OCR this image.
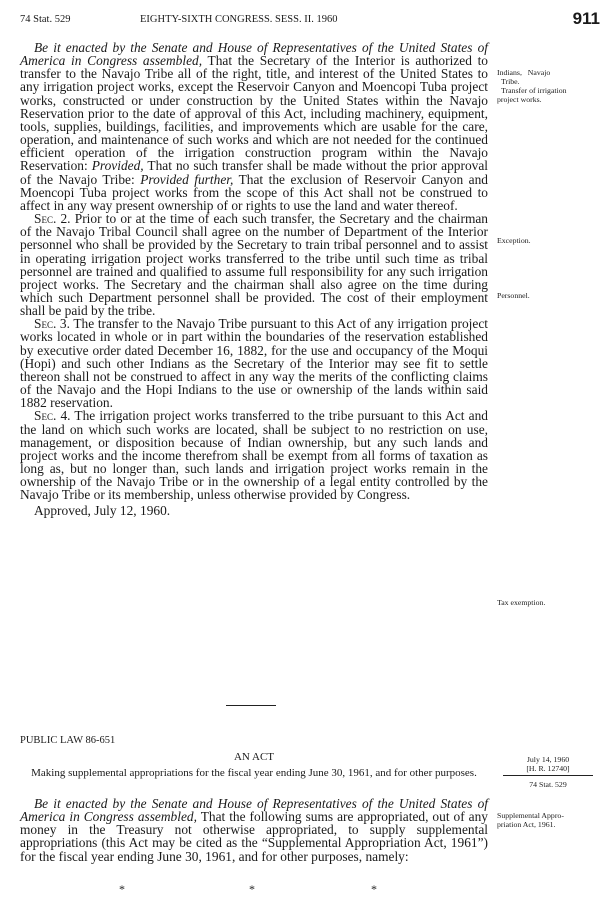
74 Stat. 529	EIGHTY-SIXTH CONGRESS. SESS. II. 1960	911

Be it enacted by the Senate and House of Representatives of the United States of America in Congress assembled, That the Secretary of the Interior is authorized to transfer to the Navajo Tribe all of the right, title, and interest of the United States to any irrigation project works, except the Reservoir Canyon and Moencopi Tuba project works, constructed or under construction by the United States within the Navajo Reservation prior to the date of approval of this Act, including machinery, equipment, tools, supplies, buildings, facilities, and improvements which are usable for the care, operation, and maintenance of such works and which are not needed for the continued efficient operation of the irrigation construction program within the Navajo Reservation: Provided, That no such transfer shall be made without the prior approval of the Navajo Tribe: Provided further, That the exclusion of Reservoir Canyon and Moencopi Tuba project works from the scope of this Act shall not be construed to affect in any way present ownership of or rights to use the land and water thereof.

Sec. 2. Prior to or at the time of each such transfer, the Secretary and the chairman of the Navajo Tribal Council shall agree on the number of Department of the Interior personnel who shall be provided by the Secretary to train tribal personnel and to assist in operating irrigation project works transferred to the tribe until such time as tribal personnel are trained and qualified to assume full responsibility for any such irrigation project works. The Secretary and the chairman shall also agree on the time during which such Department personnel shall be provided. The cost of their employment shall be paid by the tribe.

Sec. 3. The transfer to the Navajo Tribe pursuant to this Act of any irrigation project works located in whole or in part within the boundaries of the reservation established by executive order dated December 16, 1882, for the use and occupancy of the Moqui (Hopi) and such other Indians as the Secretary of the Interior may see fit to settle thereon shall not be construed to affect in any way the merits of the conflicting claims of the Navajo and the Hopi Indians to the use or ownership of the lands within said 1882 reservation.

Sec. 4. The irrigation project works transferred to the tribe pursuant to this Act and the land on which such works are located, shall be subject to no restriction on use, management, or disposition because of Indian ownership, but any such lands and project works and the income therefrom shall be exempt from all forms of taxation as long as, but no longer than, such lands and irrigation project works remain in the ownership of the Navajo Tribe or in the ownership of a legal entity controlled by the Navajo Tribe or its membership, unless otherwise provided by Congress.

Approved, July 12, 1960.

Indians,   Navajo
Tribe.
Transfer of irrigation
project works.
Exception.
Personnel.
Tax exemption.
PUBLIC LAW 86-651
AN ACT
Making supplemental appropriations for the fiscal year ending June 30, 1961, and for other purposes.
July 14, 1960
[H. R. 12740]
74 Stat. 529
Supplemental Appro-
priation Act, 1961.

Be it enacted by the Senate and House of Representatives of the United States of America in Congress assembled, That the following sums are appropriated, out of any money in the Treasury not otherwise appropriated, to supply supplemental appropriations (this Act may be cited as the “Supplemental Appropriation Act, 1961”) for the fiscal year ending June 30, 1961, and for other purposes, namely:

*	*	*
